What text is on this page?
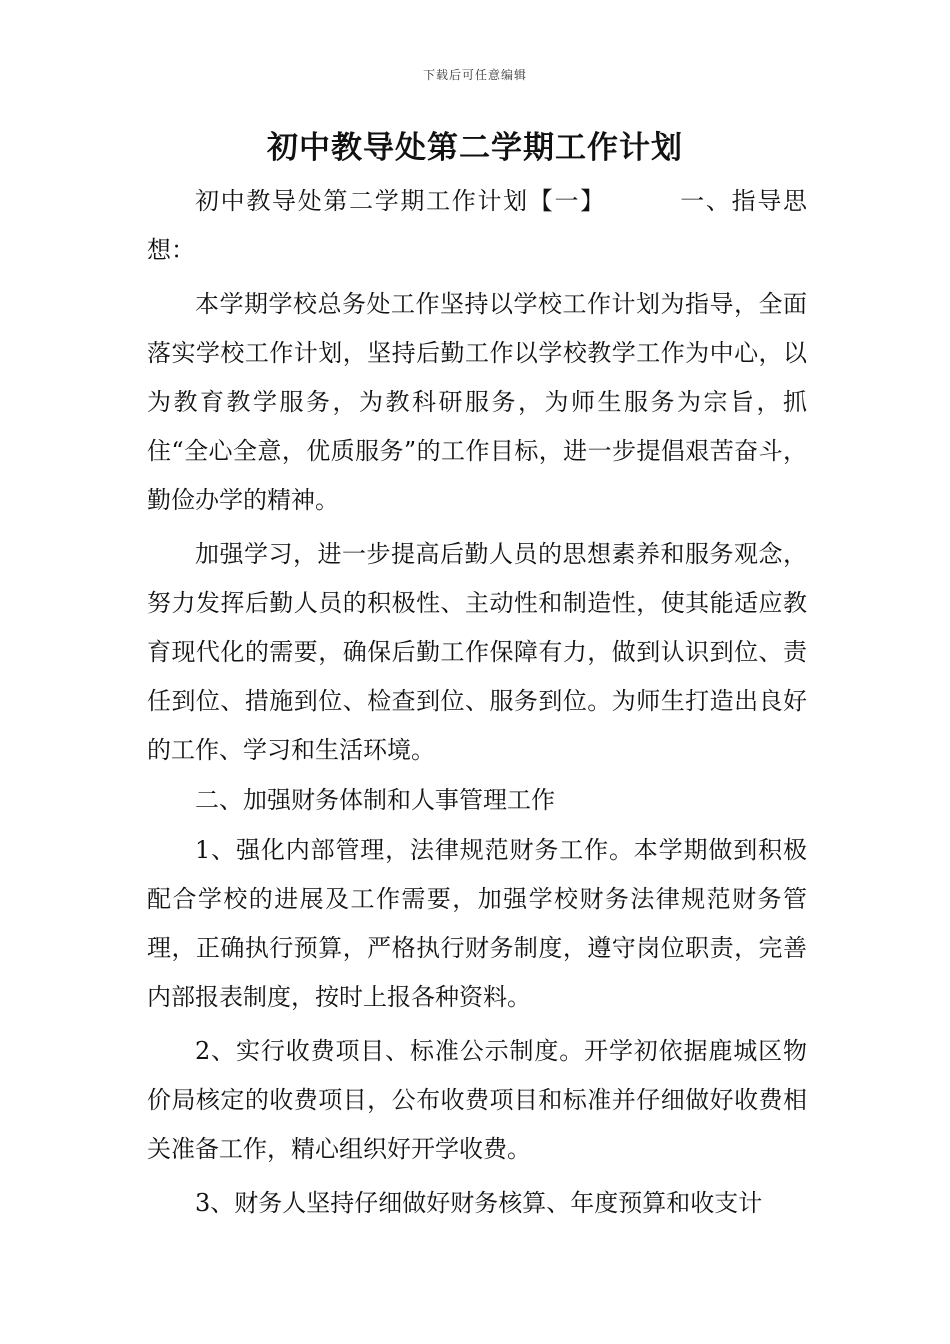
下载后可任意编辑
初中教导处第二学期工作计划

初中教导处第二学期工作计划【一】        一、指导思想：

本学期学校总务处工作坚持以学校工作计划为指导，全面落实学校工作计划，坚持后勤工作以学校教学工作为中心，以为教育教学服务，为教科研服务，为师生服务为宗旨，抓住“全心全意，优质服务”的工作目标，进一步提倡艰苦奋斗，勤俭办学的精神。

加强学习，进一步提高后勤人员的思想素养和服务观念，努力发挥后勤人员的积极性、主动性和制造性，使其能适应教育现代化的需要，确保后勤工作保障有力，做到认识到位、责任到位、措施到位、检查到位、服务到位。为师生打造出良好的工作、学习和生活环境。

二、加强财务体制和人事管理工作

1、强化内部管理，法律规范财务工作。本学期做到积极配合学校的进展及工作需要，加强学校财务法律规范财务管理，正确执行预算，严格执行财务制度，遵守岗位职责，完善内部报表制度，按时上报各种资料。

2、实行收费项目、标准公示制度。开学初依据鹿城区物价局核定的收费项目，公布收费项目和标准并仔细做好收费相关准备工作，精心组织好开学收费。

3、财务人坚持仔细做好财务核算、年度预算和收支计
